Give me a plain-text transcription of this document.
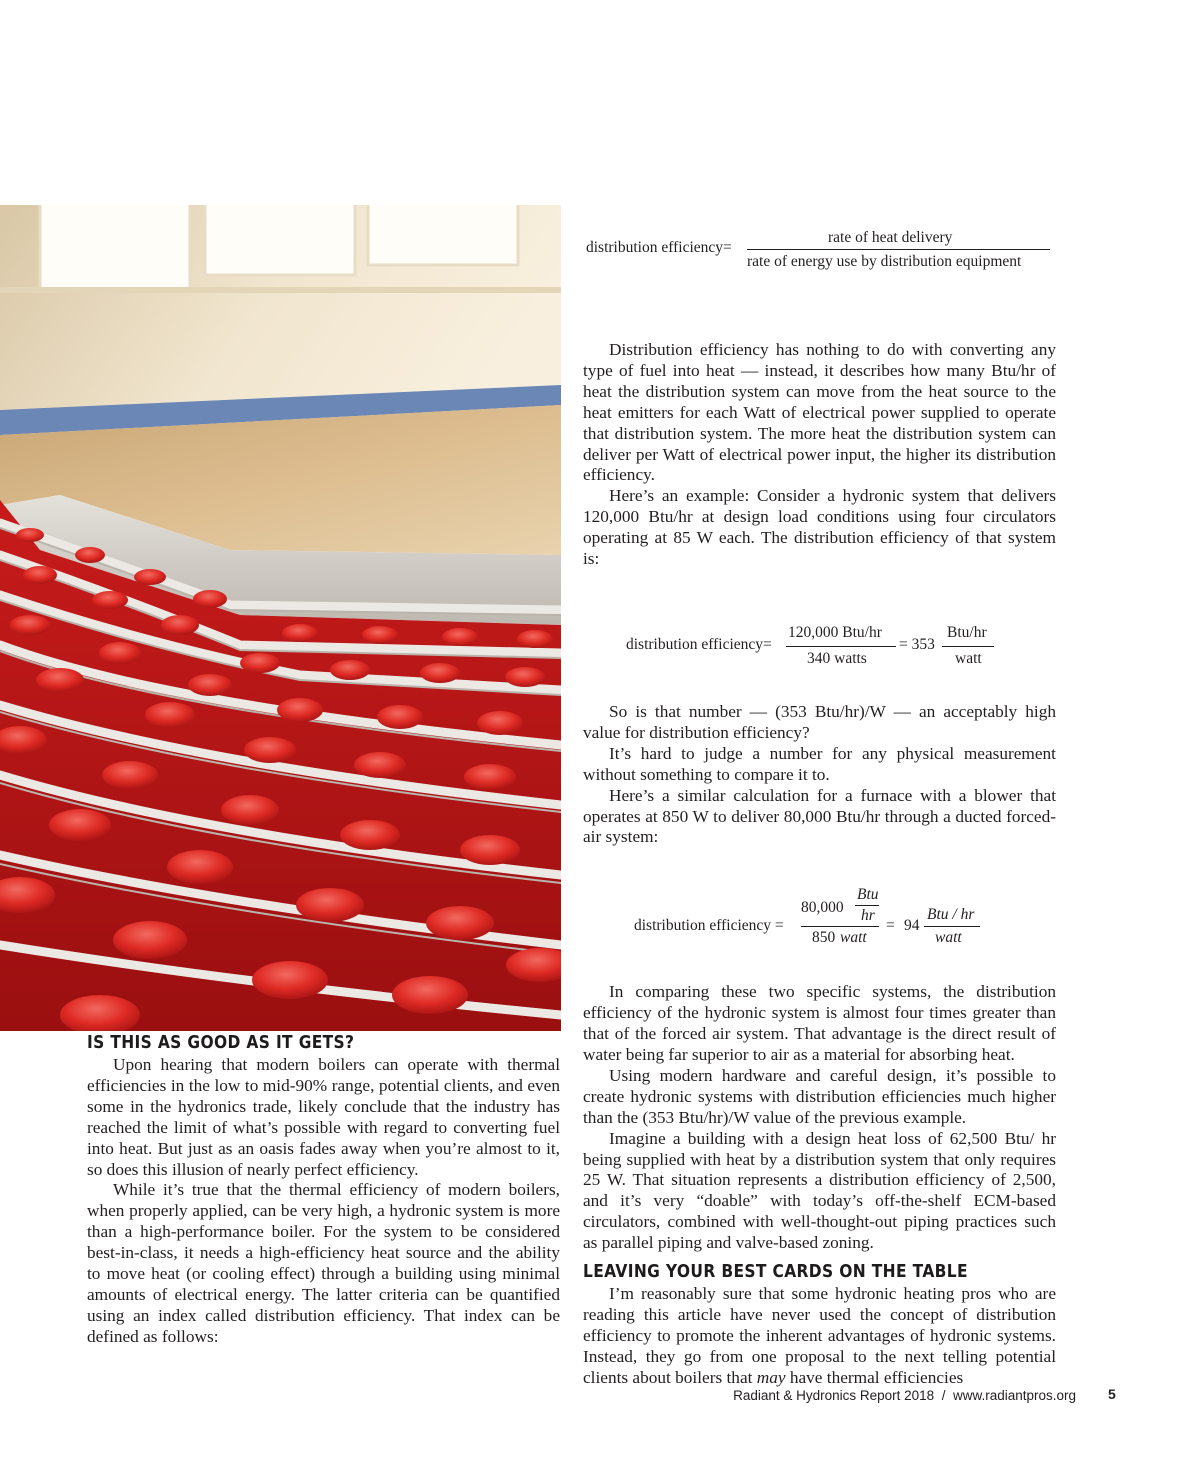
IS THIS AS GOOD AS IT GETS?

Upon hearing that modern boilers can operate with thermal efficiencies in the low to mid-90% range, potential clients, and even some in the hydronics trade, likely conclude that the industry has reached the limit of what’s possible with regard to converting fuel into heat. But just as an oasis fades away when you’re almost to it, so does this illusion of nearly perfect efficiency.

While it’s true that the thermal efficiency of modern boilers, when properly applied, can be very high, a hydronic system is more than a high-performance boiler. For the system to be considered best-in-class, it needs a high-efficiency heat source and the ability to move heat (or cooling effect) through a building using minimal amounts of electrical energy. The latter criteria can be quantified using an index called distribution efficiency. That index can be defined as follows:

distribution efficiency=
rate of heat delivery
rate of energy use by distribution equipment

Distribution efficiency has nothing to do with converting any type of fuel into heat — instead, it describes how many Btu/hr of heat the distribution system can move from the heat source to the heat emitters for each Watt of electrical power supplied to operate that distribution system. The more heat the distribution system can deliver per Watt of electrical power input, the higher its distribution efficiency.

Here’s an example: Consider a hydronic system that delivers 120,000 Btu/hr at design load conditions using four circulators operating at 85 W each. The distribution efficiency of that system is:

distribution efficiency=
120,000 Btu/hr
340 watts
= 353
Btu/hr
watt

So is that number — (353 Btu/hr)/W — an acceptably high value for distribution efficiency?

It’s hard to judge a number for any physical measurement without something to compare it to.

Here’s a similar calculation for a furnace with a blower that operates at 850 W to deliver 80,000 Btu/hr through a ducted forced-air system:

distribution efficiency =
80,000
Btu
hr
850 watt
= 94
Btu / hr
watt

In comparing these two specific systems, the distribution efficiency of the hydronic system is almost four times greater than that of the forced air system. That advantage is the direct result of water being far superior to air as a material for absorbing heat.

Using modern hardware and careful design, it’s possible to create hydronic systems with distribution efficiencies much higher than the (353 Btu/hr)/W value of the previous example.

Imagine a building with a design heat loss of 62,500 Btu/ hr being supplied with heat by a distribution system that only requires 25 W. That situation represents a distribution efficiency of 2,500, and it’s very “doable” with today’s off-the-shelf ECM-based circulators, combined with well-thought-out piping practices such as parallel piping and valve-based zoning.

LEAVING YOUR BEST CARDS ON THE TABLE

I’m reasonably sure that some hydronic heating pros who are reading this article have never used the concept of distribution efficiency to promote the inherent advantages of hydronic systems. Instead, they go from one proposal to the next telling potential clients about boilers that may have thermal efficiencies

Radiant & Hydronics Report 2018  /  www.radiantpros.org 5
